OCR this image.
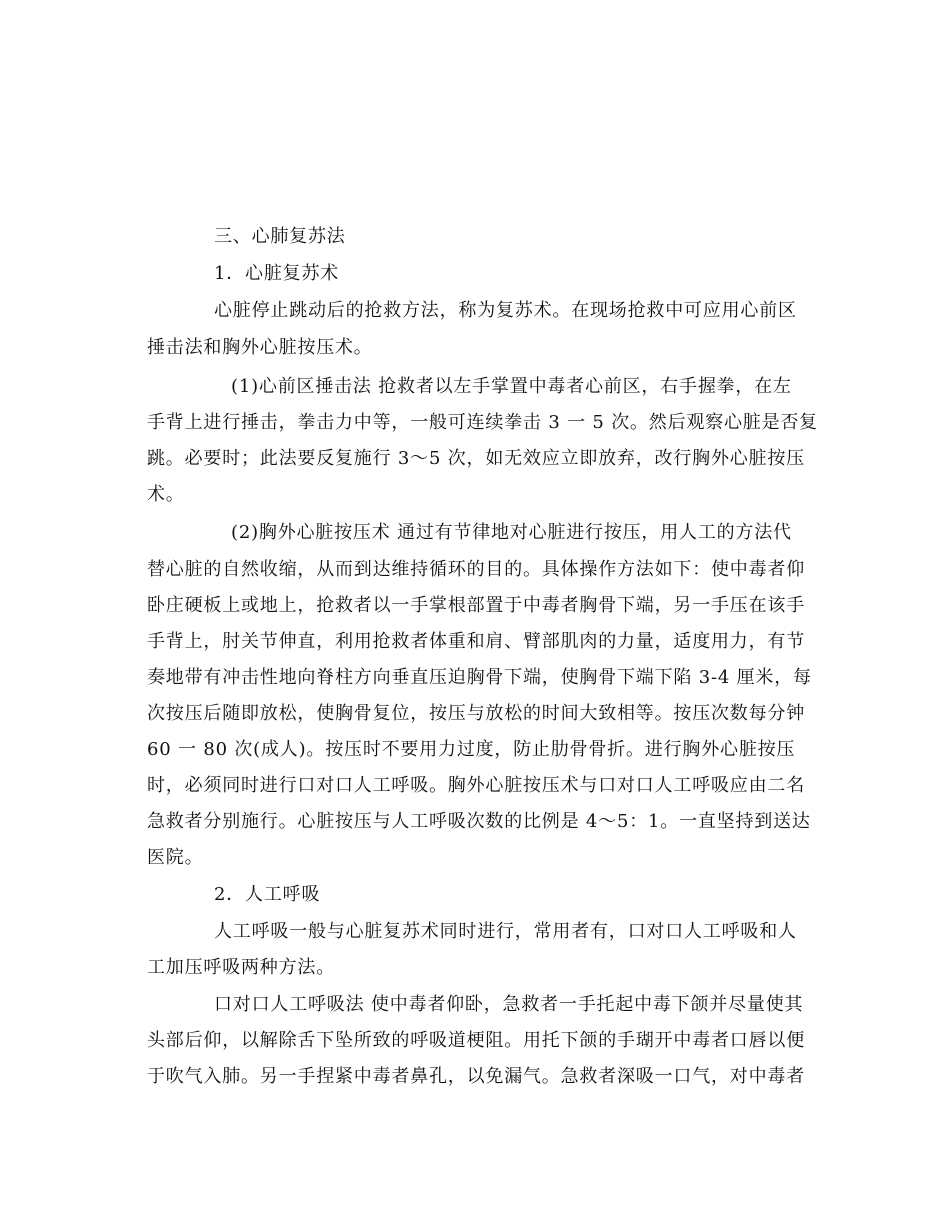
三、心肺复苏法
1．心脏复苏术
心脏停止跳动后的抢救方法，称为复苏术。在现场抢救中可应用心前区
捶击法和胸外心脏按压术。
(1)心前区捶击法 抢救者以左手掌置中毒者心前区，右手握拳，在左
手背上进行捶击，拳击力中等，一般可连续拳击 3 一 5 次。然后观察心脏是否复
跳。必要时；此法要反复施行 3～5 次，如无效应立即放弃，改行胸外心脏按压
术。
(2)胸外心脏按压术 通过有节律地对心脏进行按压，用人工的方法代
替心脏的自然收缩，从而到达维持循环的目的。具体操作方法如下：使中毒者仰
卧庄硬板上或地上，抢救者以一手掌根部置于中毒者胸骨下端，另一手压在该手
手背上，肘关节伸直，利用抢救者体重和肩、臂部肌肉的力量，适度用力，有节
奏地带有冲击性地向脊柱方向垂直压迫胸骨下端，使胸骨下端下陷 3-4 厘米，每
次按压后随即放松，使胸骨复位，按压与放松的时间大致相等。按压次数每分钟
60 一 80 次(成人)。按压时不要用力过度，防止肋骨骨折。进行胸外心脏按压
时，必须同时进行口对口人工呼吸。胸外心脏按压术与口对口人工呼吸应由二名
急救者分别施行。心脏按压与人工呼吸次数的比例是 4～5：1。一直坚持到送达
医院。
2．人工呼吸
人工呼吸一般与心脏复苏术同时进行，常用者有，口对口人工呼吸和人
工加压呼吸两种方法。
口对口人工呼吸法 使中毒者仰卧，急救者一手托起中毒下颌并尽量使其
头部后仰，以解除舌下坠所致的呼吸道梗阻。用托下颌的手瑚开中毒者口唇以便
于吹气入肺。另一手捏紧中毒者鼻孔，以免漏气。急救者深吸一口气，对中毒者
